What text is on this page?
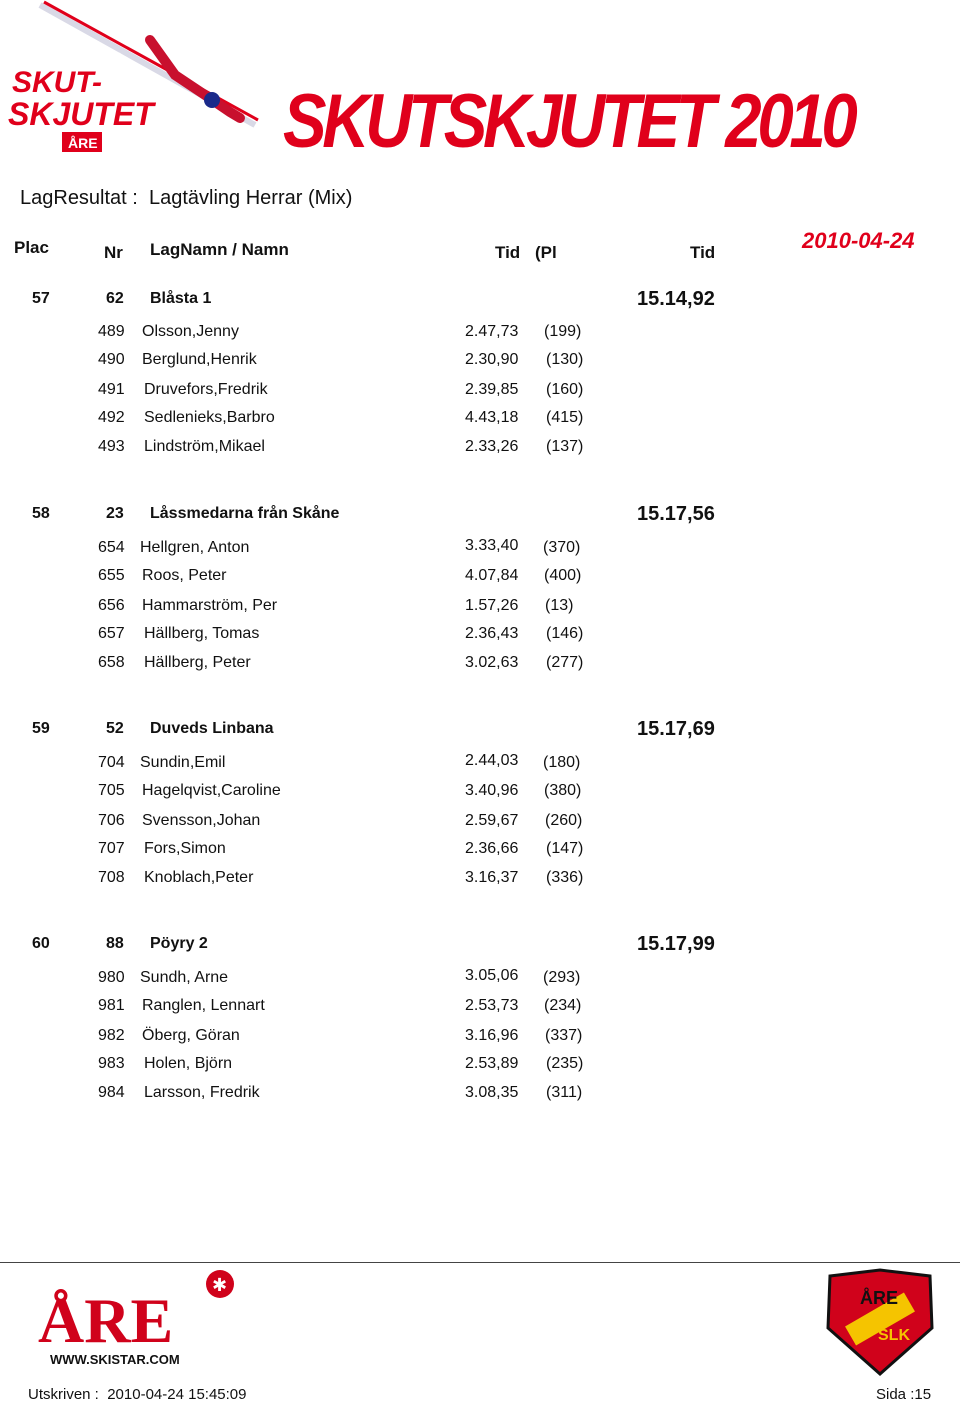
SKUT-
SKJUTET
ÅRE SKUTSKJUTET 2010
LagResultat : Lagtävling Herrar (Mix)
Plac	Nr LagNamn / Namn	Tid (Pl	Tid	2010-04-24
57	62 Blåsta 1	15.14,92
489 Olsson,Jenny	2.47,73 (199)
490 Berglund,Henrik	2.30,90 (130)
491 Druvefors,Fredrik	2.39,85 (160)
492 Sedlenieks,Barbro	4.43,18 (415)
493 Lindström,Mikael	2.33,26 (137)
58	23 Låssmedarna från Skåne	15.17,56
654 Hellgren, Anton	3.33,40 (370)
655 Roos, Peter	4.07,84 (400)
656 Hammarström, Per	1.57,26 (13)
657 Hällberg, Tomas	2.36,43 (146)
658 Hällberg, Peter	3.02,63 (277)
59	52 Duveds Linbana	15.17,69
704 Sundin,Emil	2.44,03 (180)
705 Hagelqvist,Caroline	3.40,96 (380)
706 Svensson,Johan	2.59,67 (260)
707 Fors,Simon	2.36,66 (147)
708 Knoblach,Peter	3.16,37 (336)
60	88 Pöyry 2	15.17,99
980 Sundh, Arne	3.05,06 (293)
981 Ranglen, Lennart	2.53,73 (234)
982 Öberg, Göran	3.16,96 (337)
983 Holen, Björn	2.53,89 (235)
984 Larsson, Fredrik	3.08,35 (311)
ÅRE ✱
WWW.SKISTAR.COM
ÅRE
SLK
Utskriven : 2010-04-24 15:45:09	Sida :15
